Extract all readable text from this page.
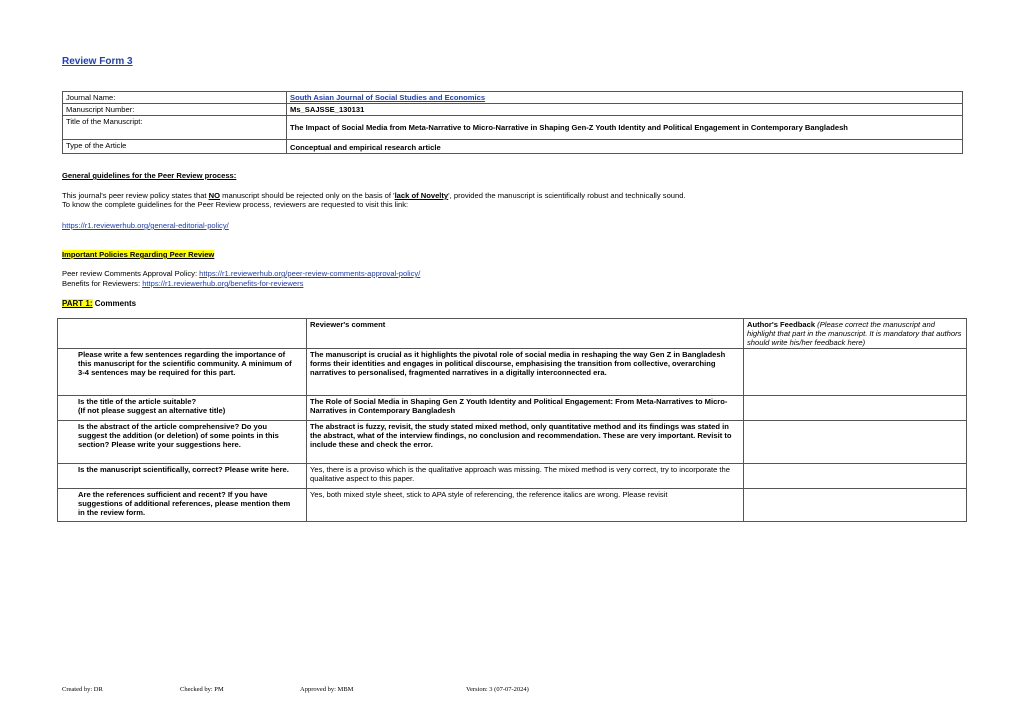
Review Form 3
Journal Name:	South Asian Journal of Social Studies and Economics
Manuscript Number:	Ms_SAJSSE_130131
Title of the Manuscript:	The Impact of Social Media from Meta-Narrative to Micro-Narrative in Shaping Gen-Z Youth Identity and Political Engagement in Contemporary Bangladesh
Type of the Article	Conceptual and empirical research article
General guidelines for the Peer Review process:
This journal's peer review policy states that NO manuscript should be rejected only on the basis of 'lack of Novelty', provided the manuscript is scientifically robust and technically sound.
To know the complete guidelines for the Peer Review process, reviewers are requested to visit this link:
https://r1.reviewerhub.org/general-editorial-policy/
Important Policies Regarding Peer Review
Peer review Comments Approval Policy: https://r1.reviewerhub.org/peer-review-comments-approval-policy/
Benefits for Reviewers: https://r1.reviewerhub.org/benefits-for-reviewers
PART 1: Comments
	Reviewer's comment	Author's Feedback (Please correct the manuscript and highlight that part in the manuscript. It is mandatory that authors should write his/her feedback here)
Please write a few sentences regarding the importance of this manuscript for the scientific community. A minimum of 3-4 sentences may be required for this part.	The manuscript is crucial as it highlights the pivotal role of social media in reshaping the way Gen Z in Bangladesh forms their identities and engages in political discourse, emphasising the transition from collective, overarching narratives to personalised, fragmented narratives in a digitally interconnected era.	
Is the title of the article suitable?
(If not please suggest an alternative title)	The Role of Social Media in Shaping Gen Z Youth Identity and Political Engagement: From Meta-Narratives to Micro-Narratives in Contemporary Bangladesh	
Is the abstract of the article comprehensive? Do you suggest the addition (or deletion) of some points in this section? Please write your suggestions here.	The abstract is fuzzy, revisit, the study stated mixed method, only quantitative method and its findings was stated in the abstract, what of the interview findings, no conclusion and recommendation. These are very important. Revisit to include these and check the error.	
Is the manuscript scientifically, correct? Please write here.	Yes, there is a proviso which is the qualitative approach was missing. The mixed method is very correct, try to incorporate the qualitative aspect to this paper.	
Are the references sufficient and recent? If you have suggestions of additional references, please mention them in the review form.	Yes, both mixed style sheet, stick to APA style of referencing, the reference italics are wrong. Please revisit	
Created by: DR	Checked by: PM	Approved by: MBM	Version: 3 (07-07-2024)
